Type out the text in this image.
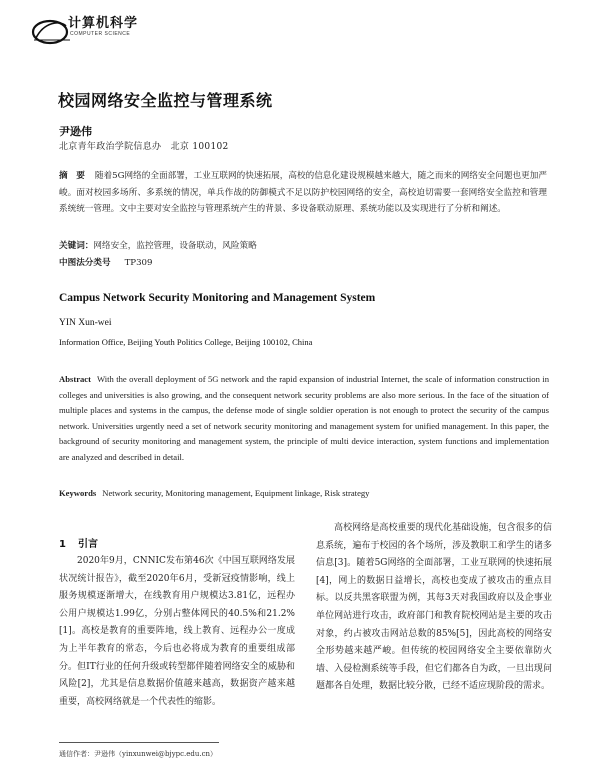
计算机科学
COMPUTER SCIENCE
校园网络安全监控与管理系统
尹逊伟
北京青年政治学院信息办　北京 100102
摘　要 随着5G网络的全面部署，工业互联网的快速拓展，高校的信息化建设规模越来越大，随之而来的网络安全问题也更加严峻。面对校园多场所、多系统的情况，单兵作战的防御模式不足以防护校园网络的安全，高校迫切需要一套网络安全监控和管理系统统一管理。文中主要对安全监控与管理系统产生的背景、多设备联动原理、系统功能以及实现进行了分析和阐述。
关键词：网络安全，监控管理，设备联动，风险策略
中图法分类号 TP309
Campus Network Security Monitoring and Management System
YIN Xun-wei
Information Office, Beijing Youth Politics College, Beijing 100102, China
Abstract With the overall deployment of 5G network and the rapid expansion of industrial Internet, the scale of information construction in colleges and universities is also growing, and the consequent network security problems are also more serious. In the face of the situation of multiple places and systems in the campus, the defense mode of single soldier operation is not enough to protect the security of the campus network. Universities urgently need a set of network security monitoring and management system for unified management. In this paper, the background of security monitoring and management system, the principle of multi device interaction, system functions and implementation are analyzed and described in detail.
Keywords Network security, Monitoring management, Equipment linkage, Risk strategy
1 引言
2020年9月，CNNIC发布第46次《中国互联网络发展状况统计报告》，截至2020年6月，受新冠疫情影响，线上服务规模逐渐增大，在线教育用户规模达3.81亿，远程办公用户规模达1.99亿，分别占整体网民的40.5%和21.2%[1]。高校是教育的重要阵地，线上教育、远程办公一度成为上半年教育的常态，今后也必将成为教育的重要组成部分。但IT行业的任何升级或转型都伴随着网络安全的威胁和风险[2]，尤其是信息数据价值越来越高，数据资产越来越重要，高校网络就是一个代表性的缩影。
高校网络是高校重要的现代化基础设施，包含很多的信息系统，遍布于校园的各个场所，涉及教职工和学生的诸多信息[3]。随着5G网络的全面部署，工业互联网的快速拓展[4]，网上的数据日益增长，高校也变成了被攻击的重点目标。以反共黑客联盟为例，其每3天对我国政府以及企事业单位网站进行攻击，政府部门和教育院校网站是主要的攻击对象，约占被攻击网站总数的85%[5]，因此高校的网络安全形势越来越严峻。但传统的校园网络安全主要依靠防火墙、入侵检测系统等手段，但它们都各自为政，一旦出现问题都各自处理，数据比较分散，已经不适应现阶段的需求。
通信作者：尹逊伟（yinxunwei@bjypc.edu.cn）
